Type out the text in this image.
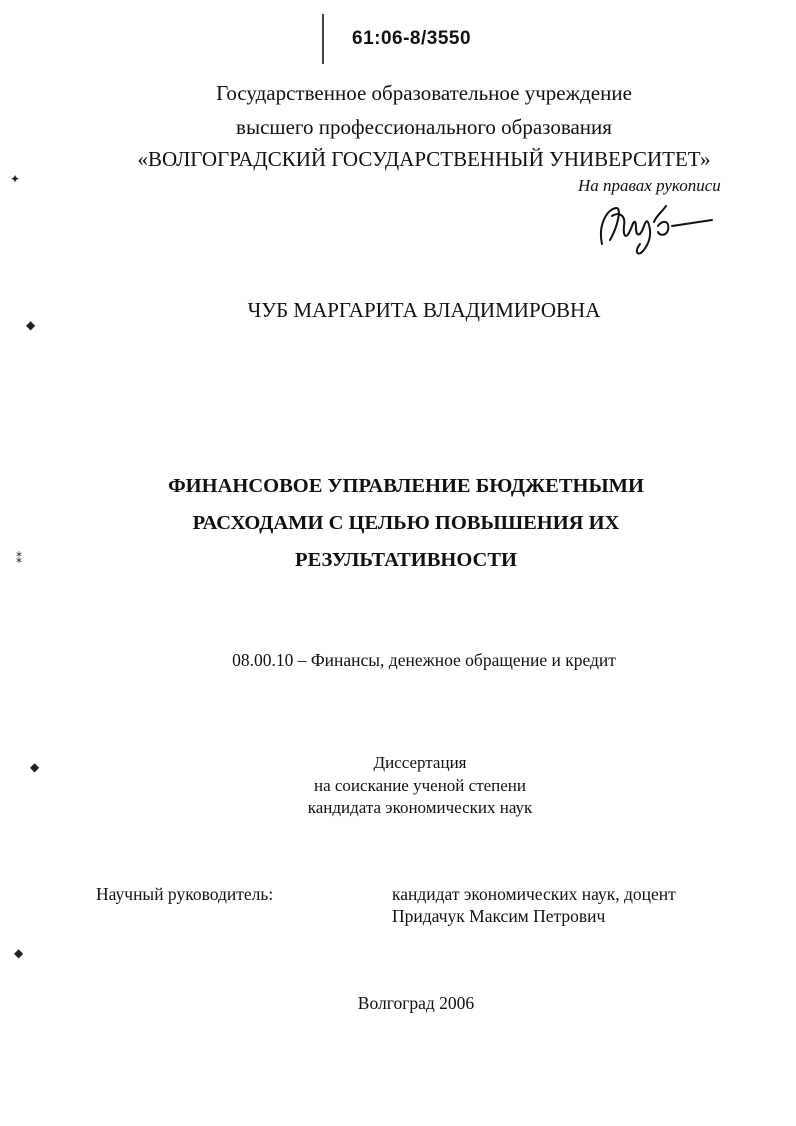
61:06-8/3550
Государственное образовательное учреждение
высшего профессионального образования
«ВОЛГОГРАДСКИЙ ГОСУДАРСТВЕННЫЙ УНИВЕРСИТЕТ»
На правах рукописи
ЧУБ МАРГАРИТА ВЛАДИМИРОВНА
ФИНАНСОВОЕ УПРАВЛЕНИЕ БЮДЖЕТНЫМИ
РАСХОДАМИ С ЦЕЛЬЮ ПОВЫШЕНИЯ ИХ
РЕЗУЛЬТАТИВНОСТИ
08.00.10 – Финансы, денежное обращение и кредит
Диссертация
на соискание ученой степени
кандидата экономических наук
Научный руководитель:	кандидат экономических наук, доцент
Придачук Максим Петрович
Волгоград 2006
✦
◆
⁑
◆
◆
